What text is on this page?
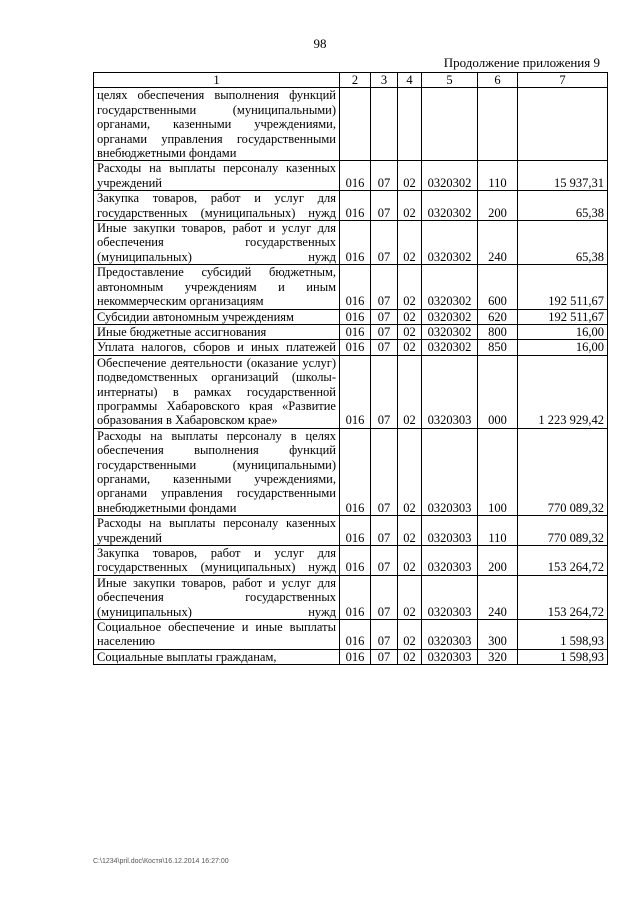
98
Продолжение приложения 9
1	2	3	4	5	6	7
целях обеспечения выполнения функций государственными (муниципальными) органами, казенными учреждениями, органами управления государственными внебюджетными фондами						
Расходы на выплаты персоналу казенных учреждений	016	07	02	0320302	110	15 937,31
Закупка товаров, работ и услуг для государственных (муниципальных) нужд	016	07	02	0320302	200	65,38
Иные закупки товаров, работ и услуг для обеспечения государственных (муниципальных) нужд	016	07	02	0320302	240	65,38
Предоставление субсидий бюджетным, автономным учреждениям и иным некоммерческим организациям	016	07	02	0320302	600	192 511,67
Субсидии автономным учреждениям	016	07	02	0320302	620	192 511,67
Иные бюджетные ассигнования	016	07	02	0320302	800	16,00
Уплата налогов, сборов и иных платежей	016	07	02	0320302	850	16,00
Обеспечение деятельности (оказание услуг) подведомственных организаций (школы-интернаты) в рамках государственной программы Хабаровского края «Развитие образования в Хабаровском крае»	016	07	02	0320303	000	1 223 929,42
Расходы на выплаты персоналу в целях обеспечения выполнения функций государственными (муниципальными) органами, казенными учреждениями, органами управления государственными внебюджетными фондами	016	07	02	0320303	100	770 089,32
Расходы на выплаты персоналу казенных учреждений	016	07	02	0320303	110	770 089,32
Закупка товаров, работ и услуг для государственных (муниципальных) нужд	016	07	02	0320303	200	153 264,72
Иные закупки товаров, работ и услуг для обеспечения государственных (муниципальных) нужд	016	07	02	0320303	240	153 264,72
Социальное обеспечение и иные выплаты населению	016	07	02	0320303	300	1 598,93
Социальные выплаты гражданам,	016	07	02	0320303	320	1 598,93
C:\1234\pril.doc\Костя\16.12.2014 16:27:00
